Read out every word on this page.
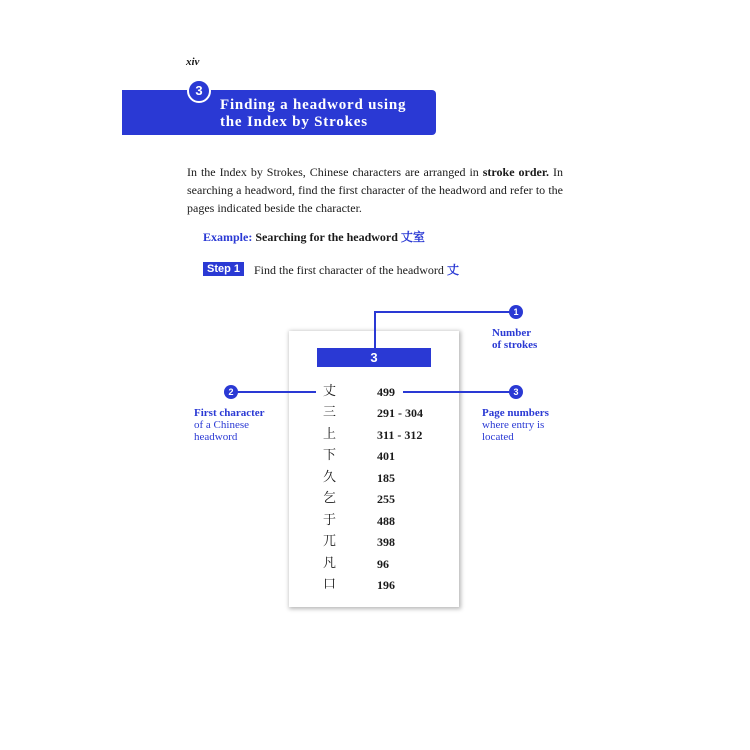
xiv
Finding a headword using
the Index by Strokes
3

In the Index by Strokes, Chinese characters are arranged in stroke order. In searching a headword, find the first character of the headword and refer to the pages indicated beside the character.

Example: Searching for the headword 丈室
Step 1	Find the first character of the headword 丈
3
丈	499
三	291 - 304
上	311 - 312
下	401
久	185
乞	255
于	488
兀	398
凡	96
口	196
1

Number
of strokes

2

First character
of a Chinese
headword

3

Page numbers
where entry is
located
